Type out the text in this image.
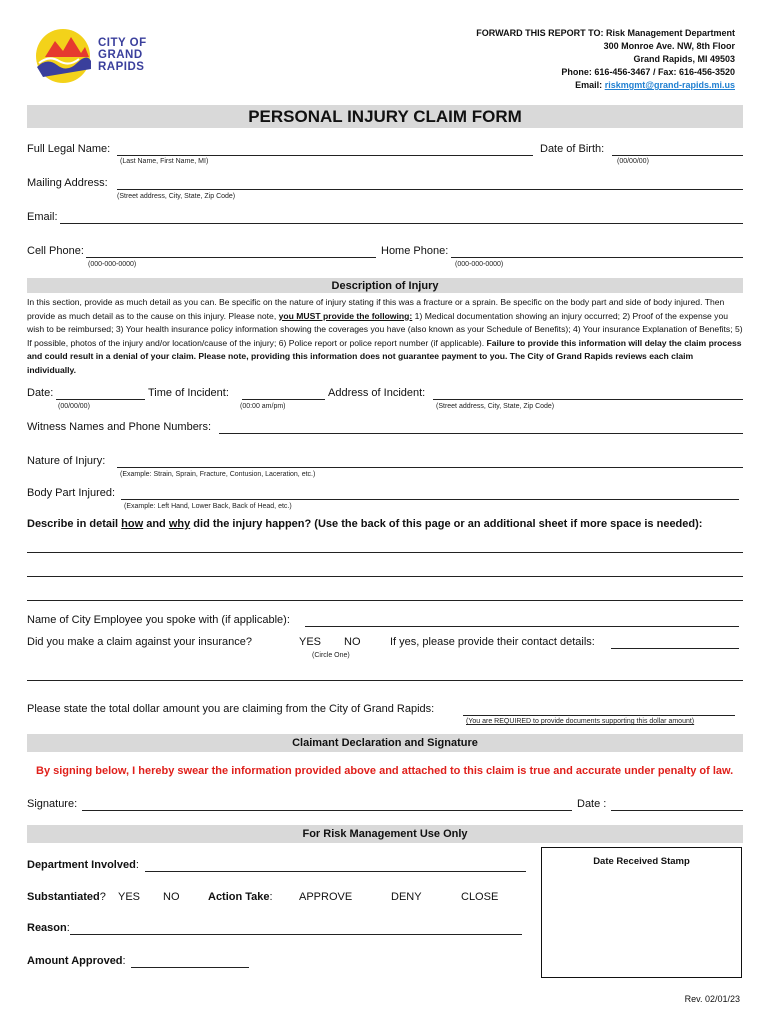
CITY OF GRAND RAPIDS
FORWARD THIS REPORT TO: Risk Management Department
300 Monroe Ave. NW, 8th Floor
Grand Rapids, MI 49503
Phone: 616-456-3467 / Fax: 616-456-3520
Email: riskmgmt@grand-rapids.mi.us
PERSONAL INJURY CLAIM FORM
Full Legal Name:
(Last Name, First Name, MI)
Date of Birth:
(00/00/00)
Mailing Address:
(Street address, City, State, Zip Code)
Email:
Cell Phone:
(000-000-0000)
Home Phone:
(000-000-0000)
Description of Injury
In this section, provide as much detail as you can. Be specific on the nature of injury stating if this was a fracture or a sprain. Be specific on the body part and side of body injured. Then provide as much detail as to the cause on this injury. Please note, you MUST provide the following: 1) Medical documentation showing an injury occurred; 2) Proof of the expense you wish to be reimbursed; 3) Your health insurance policy information showing the coverages you have (also known as your Schedule of Benefits); 4) Your insurance Explanation of Benefits; 5) If possible, photos of the injury and/or location/cause of the injury; 6) Police report or police report number (if applicable). Failure to provide this information will delay the claim process and could result in a denial of your claim. Please note, providing this information does not guarantee payment to you. The City of Grand Rapids reviews each claim individually.
Date:
(00/00/00)
Time of Incident:
(00:00 am/pm)
Address of Incident:
(Street address, City, State, Zip Code)
Witness Names and Phone Numbers:
Nature of Injury:
(Example: Strain, Sprain, Fracture, Contusion, Laceration, etc.)
Body Part Injured:
(Example: Left Hand, Lower Back, Back of Head, etc.)
Describe in detail how and why did the injury happen? (Use the back of this page or an additional sheet if more space is needed):
Name of City Employee you spoke with (if applicable):
Did you make a claim against your insurance?	YES NO
(Circle One)
If yes, please provide their contact details:
Please state the total dollar amount you are claiming from the City of Grand Rapids:
(You are REQUIRED to provide documents supporting this dollar amount)
Claimant Declaration and Signature
By signing below, I hereby swear the information provided above and attached to this claim is true and accurate under penalty of law.
Signature:	Date :
For Risk Management Use Only
Department Involved:
Substantiated? YES NO	Action Take: APPROVE	DENY	CLOSE
Reason:
Amount Approved:
Date Received Stamp
Rev. 02/01/23
